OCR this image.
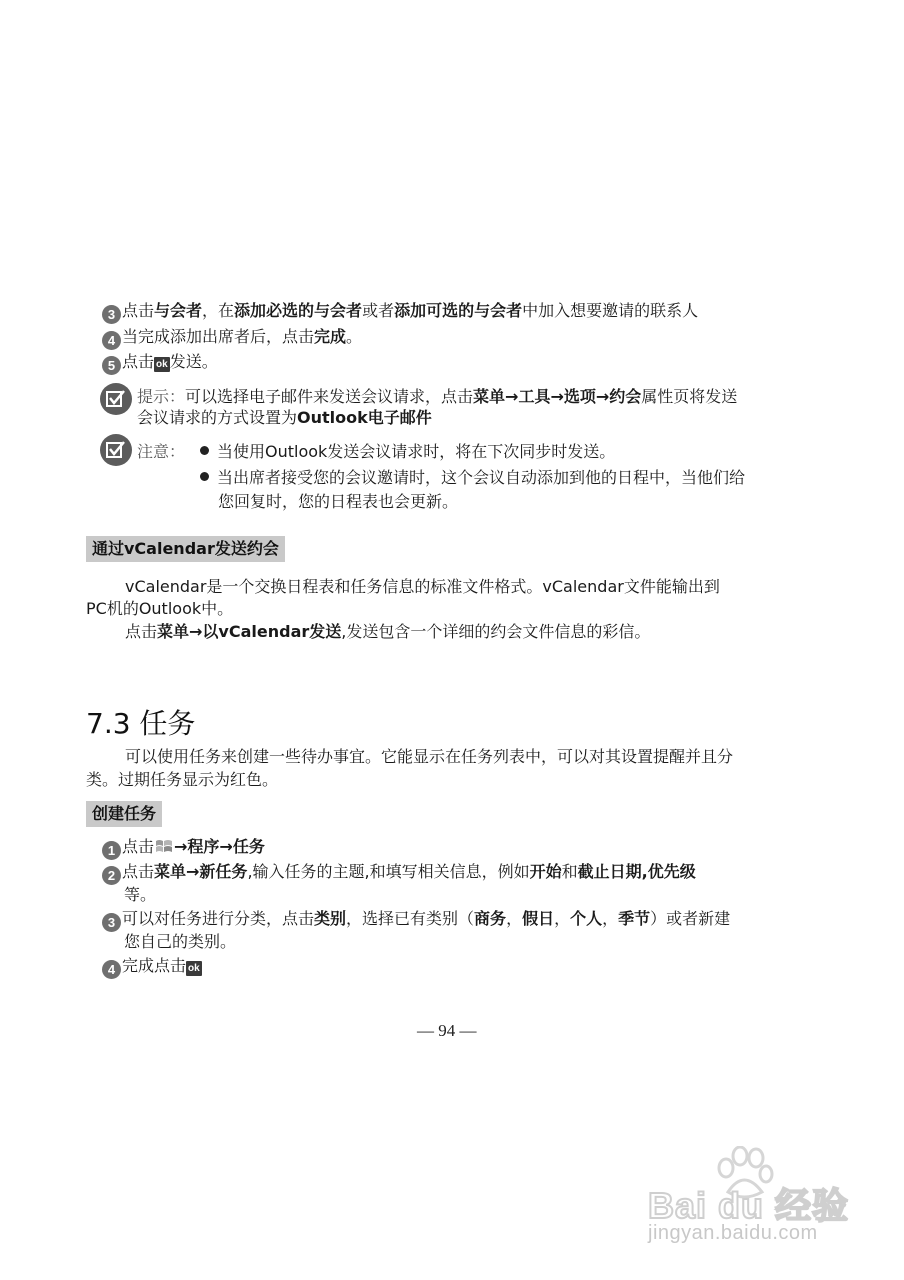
3 点击与会者，在添加必选的与会者或者添加可选的与会者中加入想要邀请的联系人
4 当完成添加出席者后，点击完成。
5 点击 ok 发送。
提示：可以选择电子邮件来发送会议请求，点击菜单→工具→选项→约会属性页将发送
会议请求的方式设置为Outlook电子邮件
注意：	当使用Outlook发送会议请求时，将在下次同步时发送。
当出席者接受您的会议邀请时，这个会议自动添加到他的日程中，当他们给
您回复时，您的日程表也会更新。
通过vCalendar发送约会
vCalendar是一个交换日程表和任务信息的标准文件格式。vCalendar文件能输出到
PC机的Outlook中。
点击菜单→以vCalendar发送,发送包含一个详细的约会文件信息的彩信。
7.3 任务
可以使用任务来创建一些待办事宜。它能显示在任务列表中，可以对其设置提醒并且分
类。过期任务显示为红色。
创建任务
1 点击 →程序→任务
2 点击菜单→新任务,输入任务的主题,和填写相关信息，例如开始和截止日期,优先级
等。
3 可以对任务进行分类，点击类别，选择已有类别（商务，假日，个人，季节）或者新建
您自己的类别。
4 完成点击 ok
— 94 —
Bai du 经验
jingyan.baidu.com
